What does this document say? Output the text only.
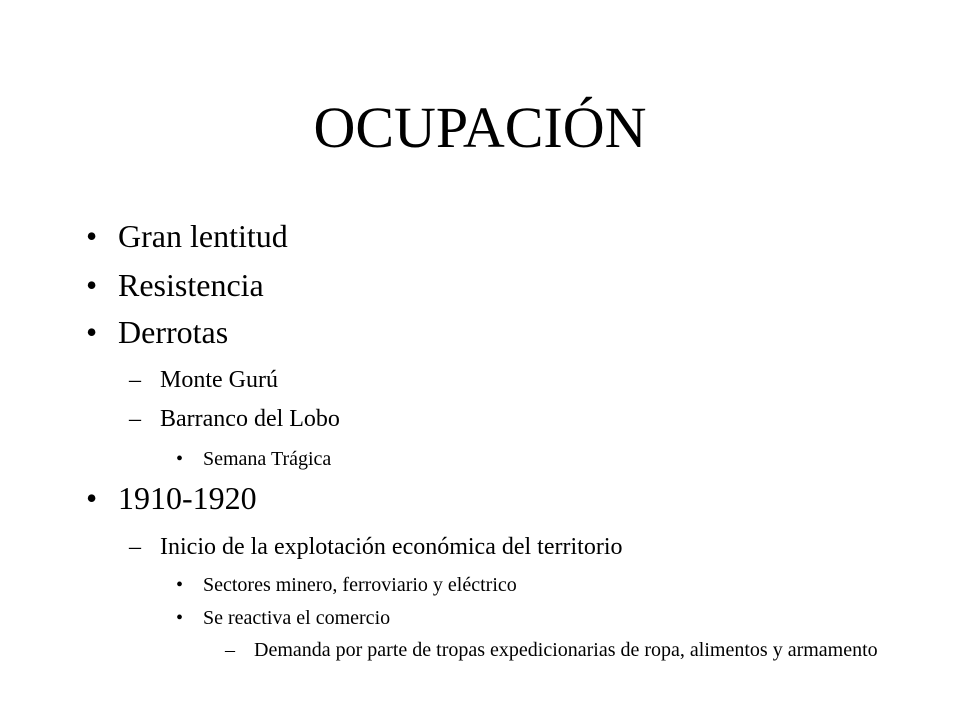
OCUPACIÓN
• Gran lentitud
• Resistencia
• Derrotas
– Monte Gurú
– Barranco del Lobo
• Semana Trágica
• 1910-1920
– Inicio de la explotación económica del territorio
• Sectores minero, ferroviario y eléctrico
• Se reactiva el comercio
– Demanda por parte de tropas expedicionarias de ropa, alimentos y armamento
